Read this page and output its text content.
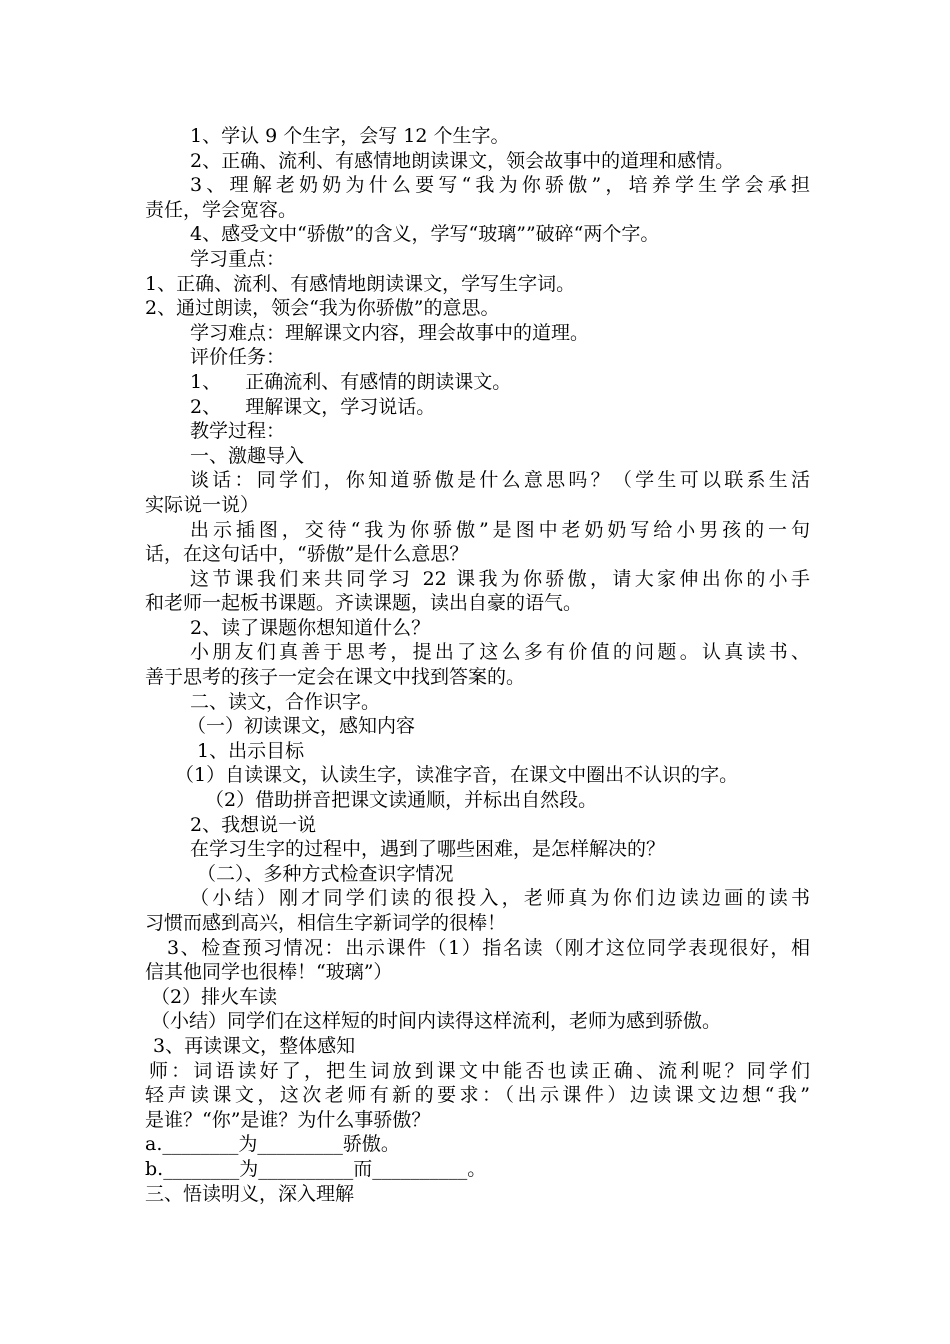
1、学认 9 个生字，会写 12 个生字。
2、正确、流利、有感情地朗读课文，领会故事中的道理和感情。
3、理解老奶奶为什么要写“我为你骄傲”，培养学生学会承担
责任，学会宽容。
4、感受文中“骄傲”的含义，学写“玻璃””破碎“两个字。
学习重点：
1、正确、流利、有感情地朗读课文，学写生字词。
2、通过朗读，领会“我为你骄傲”的意思。
学习难点：理解课文内容，理会故事中的道理。
评价任务：
1、    正确流利、有感情的朗读课文。
2、    理解课文，学习说话。
教学过程：
一、激趣导入
谈话：同学们，你知道骄傲是什么意思吗？（学生可以联系生活
实际说一说）
出示插图，交待“我为你骄傲”是图中老奶奶写给小男孩的一句
话，在这句话中，“骄傲”是什么意思？
这节课我们来共同学习 22 课我为你骄傲，请大家伸出你的小手
和老师一起板书课题。齐读课题，读出自豪的语气。
2、读了课题你想知道什么？
小朋友们真善于思考，提出了这么多有价值的问题。认真读书、
善于思考的孩子一定会在课文中找到答案的。
二、读文，合作识字。
（一）初读课文，感知内容
1、出示目标
（1）自读课文，认读生字，读准字音，在课文中圈出不认识的字。
（2）借助拼音把课文读通顺，并标出自然段。
2、我想说一说
在学习生字的过程中，遇到了哪些困难，是怎样解决的？
（二）、多种方式检查识字情况
（小结）刚才同学们读的很投入，老师真为你们边读边画的读书
习惯而感到高兴，相信生字新词学的很棒！
3、检查预习情况：出示课件（1）指名读（刚才这位同学表现很好，相
信其他同学也很棒！“玻璃”）
（2）排火车读
（小结）同学们在这样短的时间内读得这样流利，老师为感到骄傲。
3、再读课文，整体感知
师：词语读好了，把生词放到课文中能否也读正确、流利呢？同学们
轻声读课文，这次老师有新的要求：（出示课件）边读课文边想“我”
是谁？“你”是谁？为什么事骄傲？
a.________为_________骄傲。
b.________为__________而__________。
三、悟读明义，深入理解
